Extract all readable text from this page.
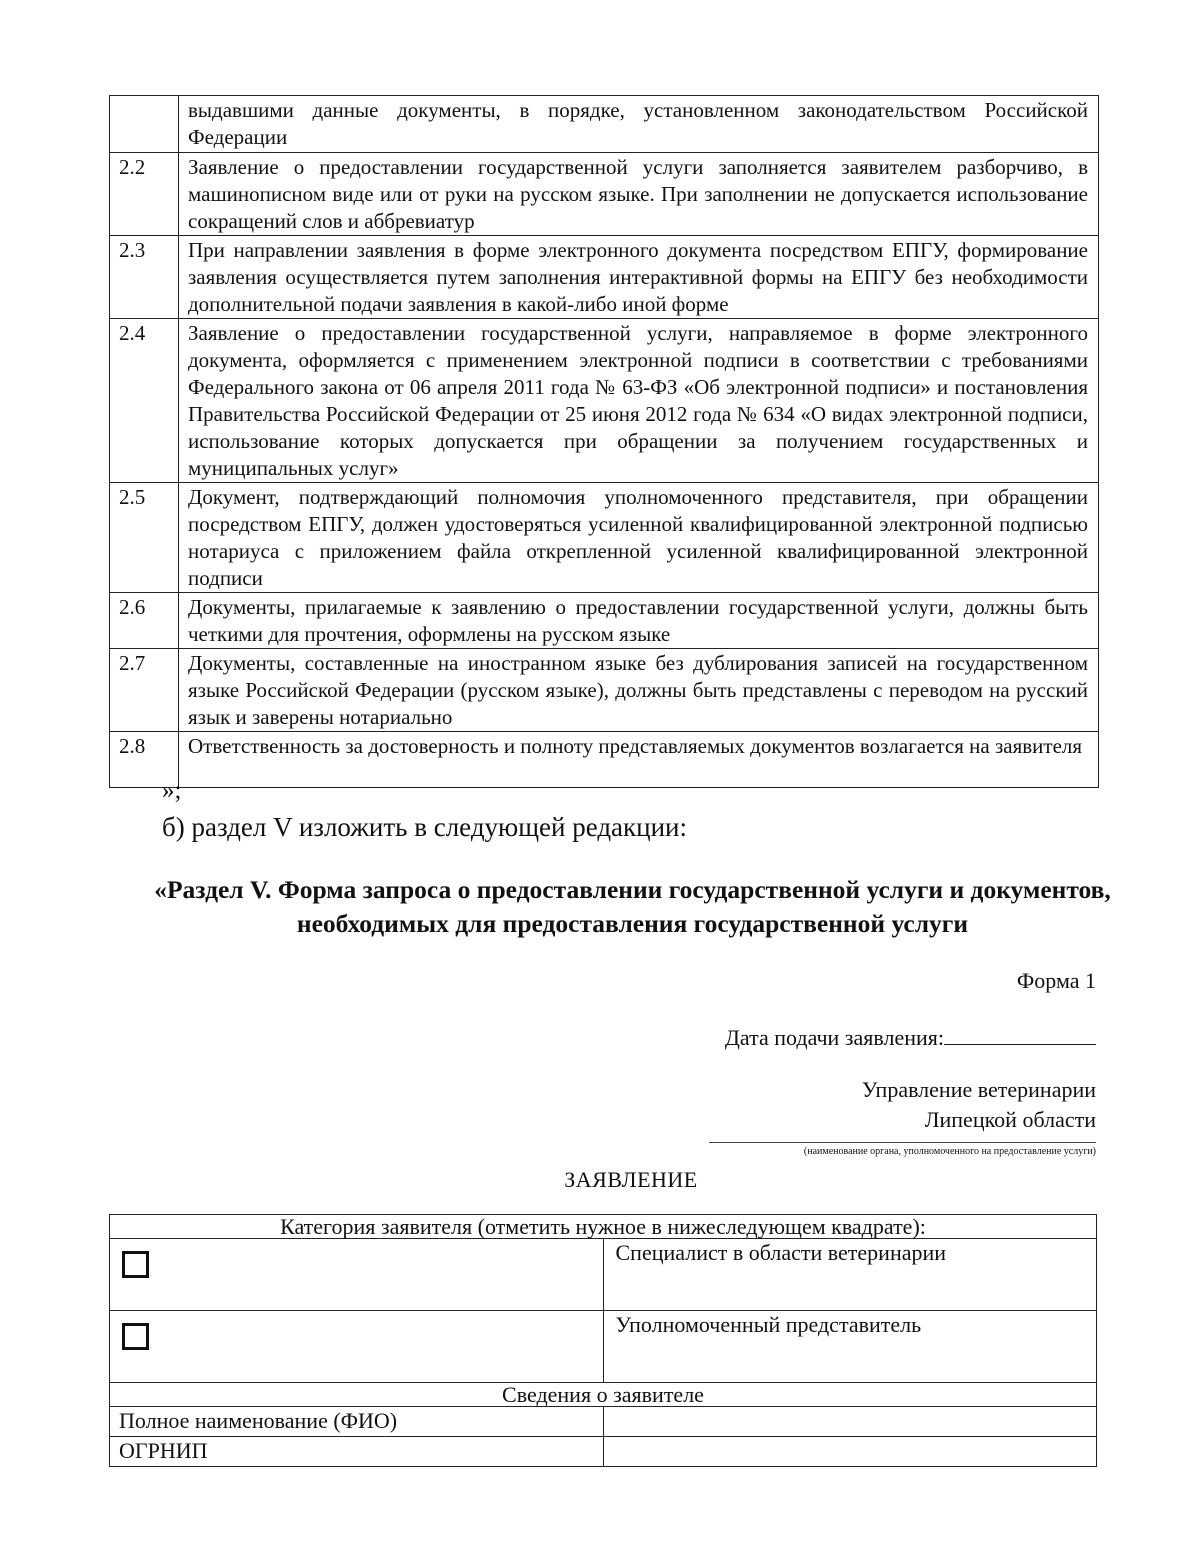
	выдавшими данные документы, в порядке, установленном законодательством Российской Федерации
2.2	Заявление о предоставлении государственной услуги заполняется заявителем разборчиво, в машинописном виде или от руки на русском языке. При заполнении не допускается использование сокращений слов и аббревиатур
2.3	При направлении заявления в форме электронного документа посредством ЕПГУ, формирование заявления осуществляется путем заполнения интерактивной формы на ЕПГУ без необходимости дополнительной подачи заявления в какой-либо иной форме
2.4	Заявление о предоставлении государственной услуги, направляемое в форме электронного документа, оформляется с применением электронной подписи в соответствии с требованиями Федерального закона от 06 апреля 2011 года № 63-ФЗ «Об электронной подписи» и постановления Правительства Российской Федерации от 25 июня 2012 года № 634 «О видах электронной подписи, использование которых допускается при обращении за получением государственных и муниципальных услуг»
2.5	Документ, подтверждающий полномочия уполномоченного представителя, при обращении посредством ЕПГУ, должен удостоверяться усиленной квалифицированной электронной подписью нотариуса с приложением файла открепленной усиленной квалифицированной электронной подписи
2.6	Документы, прилагаемые к заявлению о предоставлении государственной услуги, должны быть четкими для прочтения, оформлены на русском языке
2.7	Документы, составленные на иностранном языке без дублирования записей на государственном языке Российской Федерации (русском языке), должны быть представлены с переводом на русский язык и заверены нотариально
2.8	Ответственность за достоверность и полноту представляемых документов возлагается на заявителя
»;
б) раздел V изложить в следующей редакции:
«Раздел V. Форма запроса о предоставлении государственной услуги и документов, необходимых для предоставления государственной услуги
Форма 1
Дата подачи заявления:
Управление ветеринарии
Липецкой области
(наименование органа, уполномоченного на предоставление услуги)
ЗАЯВЛЕНИЕ
Категория заявителя (отметить нужное в нижеследующем квадрате):	

	Специалист в области ветеринарии

	Уполномоченный представитель
Сведения о заявителе	
Полное наименование (ФИО)	
ОГРНИП	
